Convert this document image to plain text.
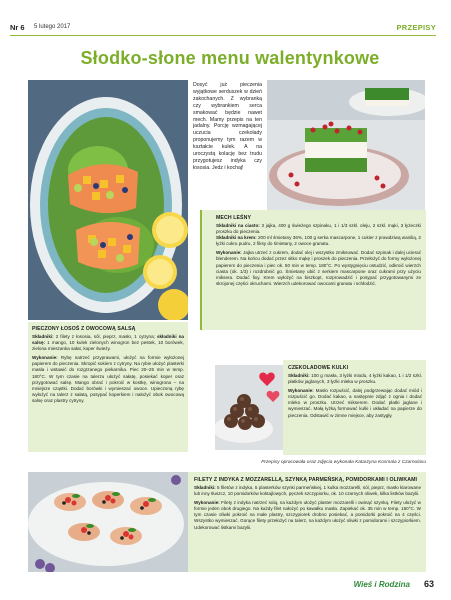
Nr 6 5 lutego 2017	PRZEPISY
Słodko-słone menu walentynkowe
Dosyć już pieczenia wyjątkowe serduszek w dzień zakochanych. Z wybranką czy wybrankiem serca smakować będzie nawet mech. Mamy przepis na ten jadalny. Porcję wzmagającej uczucia czekolady proponujemy tym razem w kształcie kulek. A na uroczystą kolację bez trudu przygotujesz indyka czy łososia. Jedz i kochaj!
MECH LEŚNY

Składniki na ciasto: 3 jajka, 400 g świeżego szpinaku, 1 i 1/3 szkl. oleju, 2 szkl. mąki, 3 łyżeczki proszku do pieczenia.

Składniki na krem: 200 ml śmietany 36%, 100 g serka mascarpone, 1 cukier z prawdziwą wanilią, 2 łyżki cukru pudru, 2 fiksy do śmietany, 2 owoce granatu.

Wykonanie: Jajka utrzeć z cukrem, dodać olej i wszystko zmiksować. Dodać szpinak i dalej ucierać blenderem. Na końcu dodać przez sitko mąkę i proszek do pieczenia. Przełożyć do formy wyłożonej papierem do pieczenia i piec ok. 50 min w temp. 180°C. Po wystygnięciu ostudzić, odkroić wierzch ciasta (ok. 1/3) i rozdrobnić go. Śmietanę ubić z serkiem mascarpone oraz cukrami przy użyciu miksera. Dodać fixy. Krem wyłożyć na biszkopt, rozprowadzić i posypać przygotowanymi ze skrojonej części okruchami. Wierzch udekorować owocami granatu i schłodzić.

PIECZONY ŁOSOŚ Z OWOCOWĄ SALSĄ

Składniki: 2 filety z łososia, sól, pieprz, masło, 1 cytryna; składniki na salsę: 1 mango, 10 kulek zielonych winogron bez pestek, 10 borówek, zielona mieszanka sałat, koper świeży.

Wykonanie: Rybę natrzeć przyprawami, ułożyć na formie wyłożonej papierem do pieczenia. Skropić sokiem z cytryny. Na rybie ułożyć plasterki masła i wstawić do rozgrzanego piekarnika. Piec 20–25 min w temp. 180°C. W tym czasie na talerzu ułożyć sałatę, posiekać koper oraz przygotować salsę. Mango obrać i pokroić w kostkę, winogrona – na mniejsze cząstki. Dodać borówki i wymieszać owoce. Upieczoną rybę wyłożyć na talerz z sałatą, posypać koperkiem i nałożyć obok owocową salsę oraz plastry cytryny.

CZEKOLADOWE KULKI

Składniki: 100 g masła, 3 łyżki miodu, 4 łyżki kakao, 1 i 1/2 szkl. płatków jaglanych, 3 łyżki mleka w proszku.

Wykonanie: Masło rozpuścić, dalej podgrzewając dodać miód i rozpuścić go. Dodać kakao, a następnie zdjąć z ognia i dodać mleko w proszku. Utrzeć mikserem. Dodać płatki jaglane i wymieszać. Małą łyżką formować kulki i układać na papierze do pieczenia. Odstawić w zimne miejsce, aby zastygły.

Przepisy opracowała oraz zdjęcia wykonała Katarzyna Kosmala z Czarnolasu
FILETY Z INDYKA Z MOZZARELLĄ, SZYNKĄ PARMEŃSKĄ, POMIDORKAMI I OLIWKAMI

Składniki: 5 filetów z indyka, 5 plasterków szynki parmeńskiej, 1 kulka mozzarelli, sól, pieprz, masło klarowane lub inny tłuszcz, 10 pomidorków koktajlowych, pęczek szczypiorku, ok. 10 czarnych oliwek, kilka listków bazylii.

Wykonanie: Filety z indyka natrzeć solą, na każdym ułożyć plaster mozzarelli i owinąć szynką. Filety ułożyć w formie jeden obok drugiego. Na każdy filet nałożyć po kawałku masła. Zapiekać ok. 35 min w temp. 160°C. W tym czasie oliwki pokroić na małe plastry, szczypiorek drobno posiekać, a pomidorki pokroić na 4 części. Wszystko wymieszać. Gorące filety przełożyć na talerz, na każdym ułożyć oliwki z pomidorami i szczypiorkiem. Udekorować listkami bazylii.

Wieś i Rodzina	63
